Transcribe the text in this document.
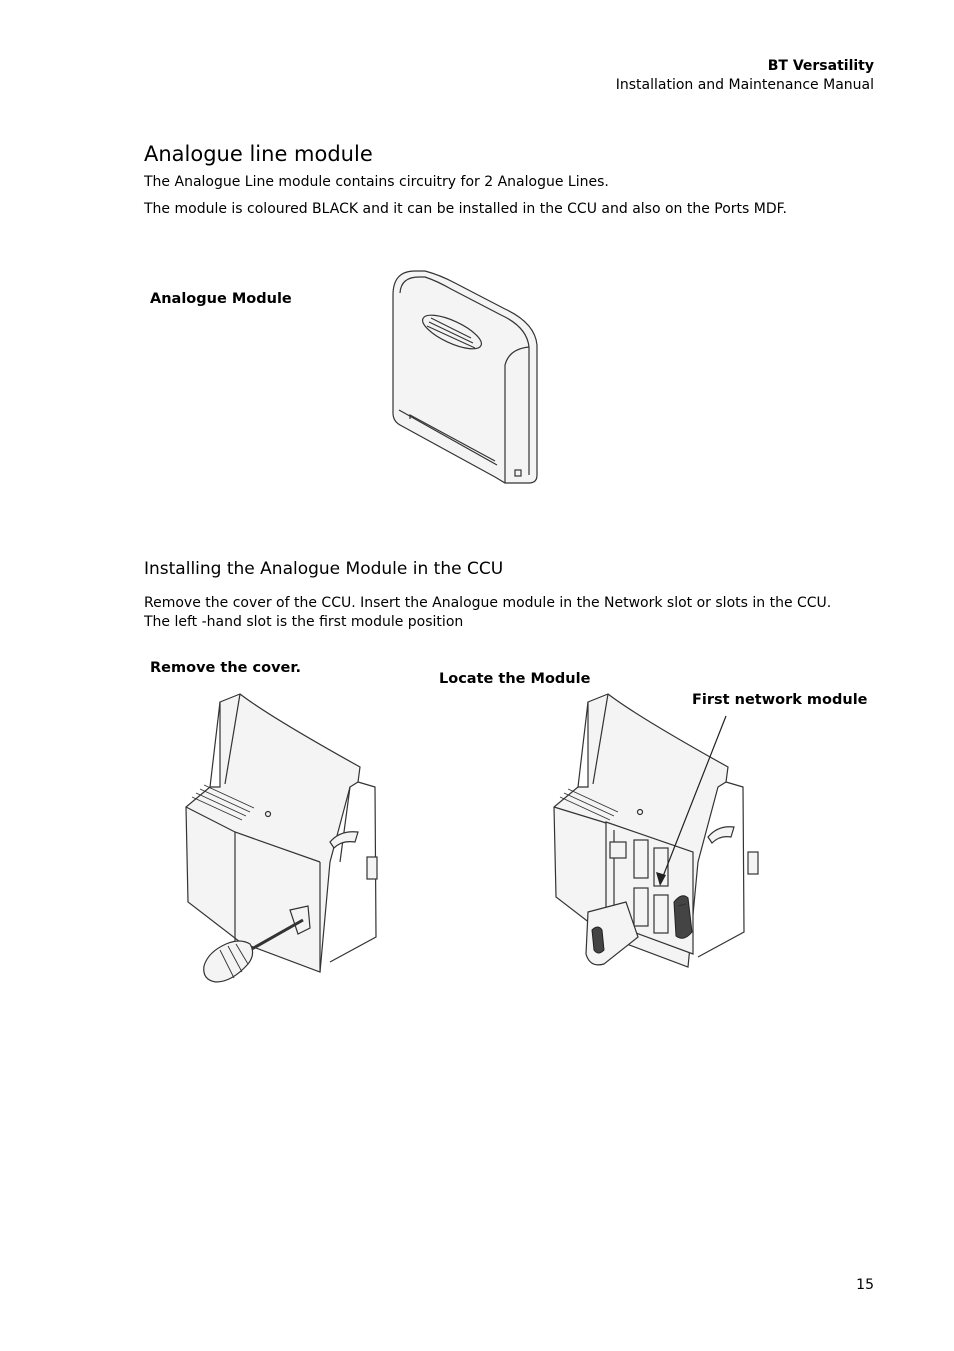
BT Versatility
Installation and Maintenance Manual
Analogue line module
The Analogue Line module contains circuitry for 2 Analogue Lines.
The module is coloured BLACK and it can be installed in the CCU and also on the Ports MDF.
Analogue Module
Installing the Analogue Module in the CCU
Remove the cover of the CCU. Insert the Analogue module in the Network slot or slots in the CCU. The left -hand slot is the first module position
Remove the cover.
Locate the Module
First network module
15
